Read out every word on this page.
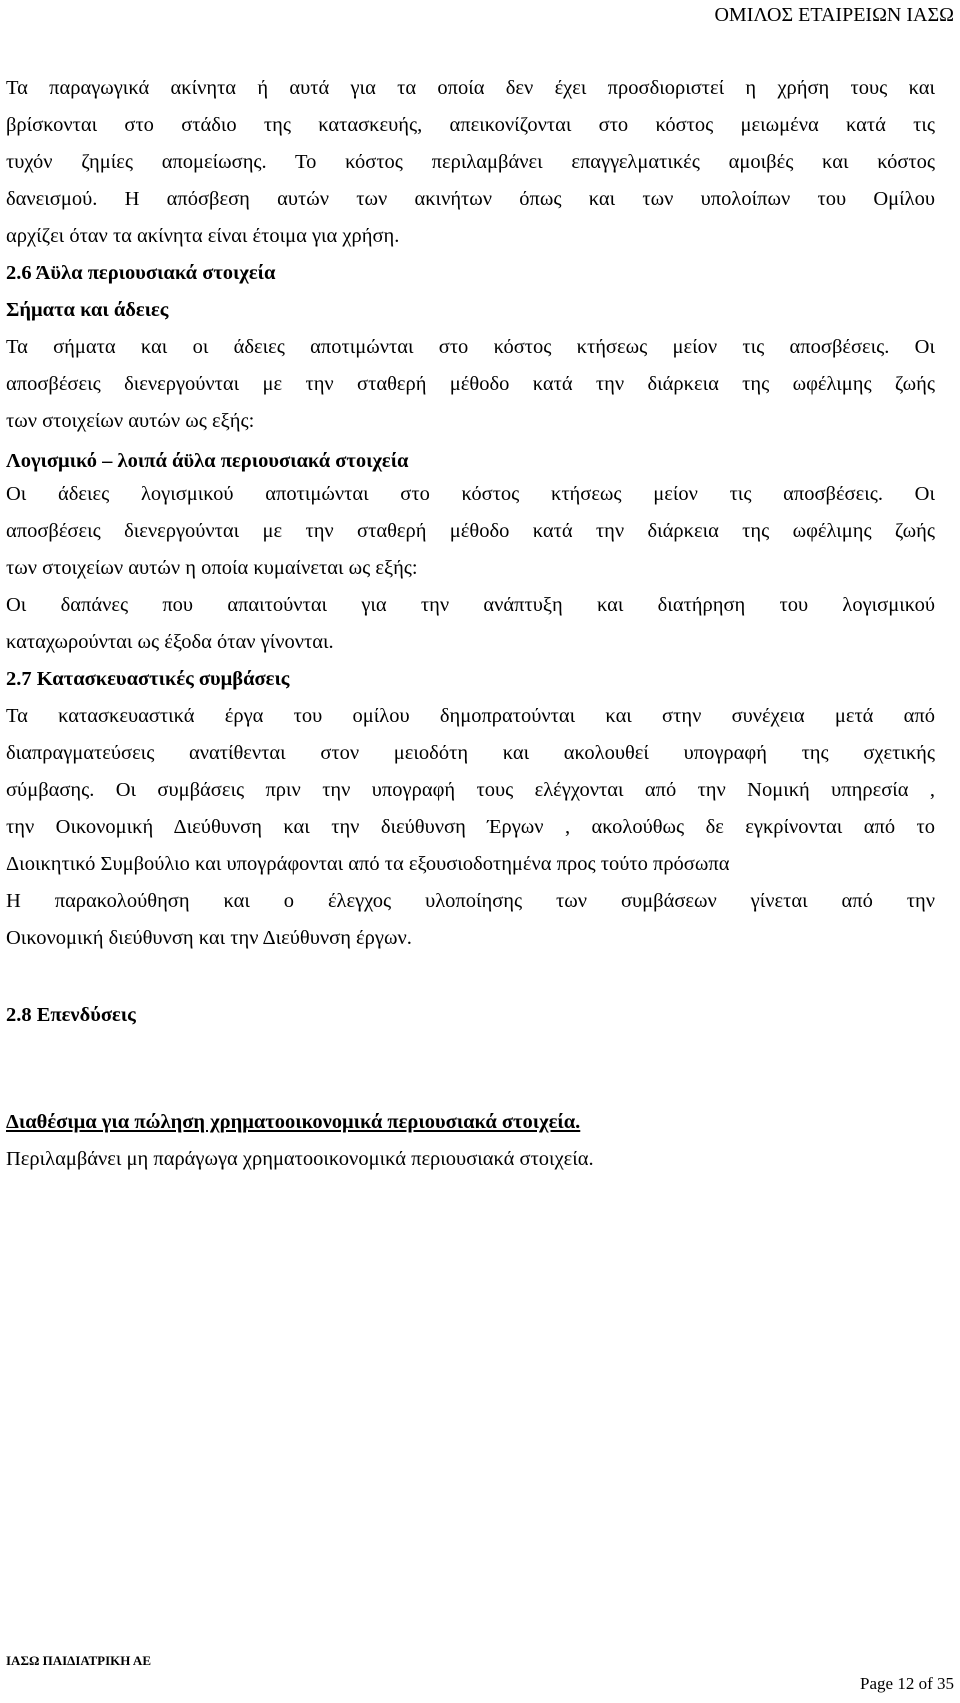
ΟΜΙΛΟΣ ΕΤΑΙΡΕΙΩΝ ΙΑΣΩ

Τα παραγωγικά ακίνητα ή αυτά για τα οποία δεν έχει προσδιοριστεί η χρήση τους και

βρίσκονται στο στάδιο της κατασκευής, απεικονίζονται στο κόστος μειωμένα κατά τις

τυχόν ζημίες απομείωσης. Το κόστος περιλαμβάνει επαγγελματικές αμοιβές και κόστος

δανεισμού. Η απόσβεση αυτών των ακινήτων όπως και των υπολοίπων του Ομίλου

αρχίζει όταν τα ακίνητα είναι έτοιμα για χρήση.

2.6 Άϋλα περιουσιακά στοιχεία
Σήματα και άδειες

Τα σήματα και οι άδειες αποτιμώνται στο κόστος κτήσεως μείον τις αποσβέσεις. Οι

αποσβέσεις διενεργούνται με την σταθερή μέθοδο κατά την διάρκεια της ωφέλιμης ζωής

των στοιχείων αυτών ως εξής:

Λογισμικό – λοιπά άϋλα περιουσιακά στοιχεία

Οι άδειες λογισμικού αποτιμώνται στο κόστος κτήσεως μείον τις αποσβέσεις. Οι

αποσβέσεις διενεργούνται με την σταθερή μέθοδο κατά την διάρκεια της ωφέλιμης ζωής

των στοιχείων αυτών η οποία κυμαίνεται ως εξής:

Οι δαπάνες που απαιτούνται για την ανάπτυξη και διατήρηση του λογισμικού

καταχωρούνται ως έξοδα όταν γίνονται.

2.7 Κατασκευαστικές συμβάσεις

Τα κατασκευαστικά έργα του ομίλου δημοπρατούνται και στην συνέχεια μετά από

διαπραγματεύσεις ανατίθενται στον μειοδότη και ακολουθεί υπογραφή της σχετικής

σύμβασης. Οι συμβάσεις πριν την υπογραφή τους ελέγχονται από την Νομική υπηρεσία ,

την Οικονομική Διεύθυνση και την διεύθυνση Έργων , ακολούθως δε εγκρίνονται από το

Διοικητικό Συμβούλιο και υπογράφονται από τα εξουσιοδοτημένα προς τούτο πρόσωπα

Η παρακολούθηση και ο έλεγχος υλοποίησης των συμβάσεων γίνεται από την

Οικονομική διεύθυνση και την Διεύθυνση έργων.

2.8 Επενδύσεις
Διαθέσιμα για πώληση χρηματοοικονομικά περιουσιακά στοιχεία.

Περιλαμβάνει μη παράγωγα χρηματοοικονομικά περιουσιακά στοιχεία.

ΙΑΣΩ ΠΑΙΔΙΑΤΡΙΚΗ ΑΕ
Page 12 of 35
